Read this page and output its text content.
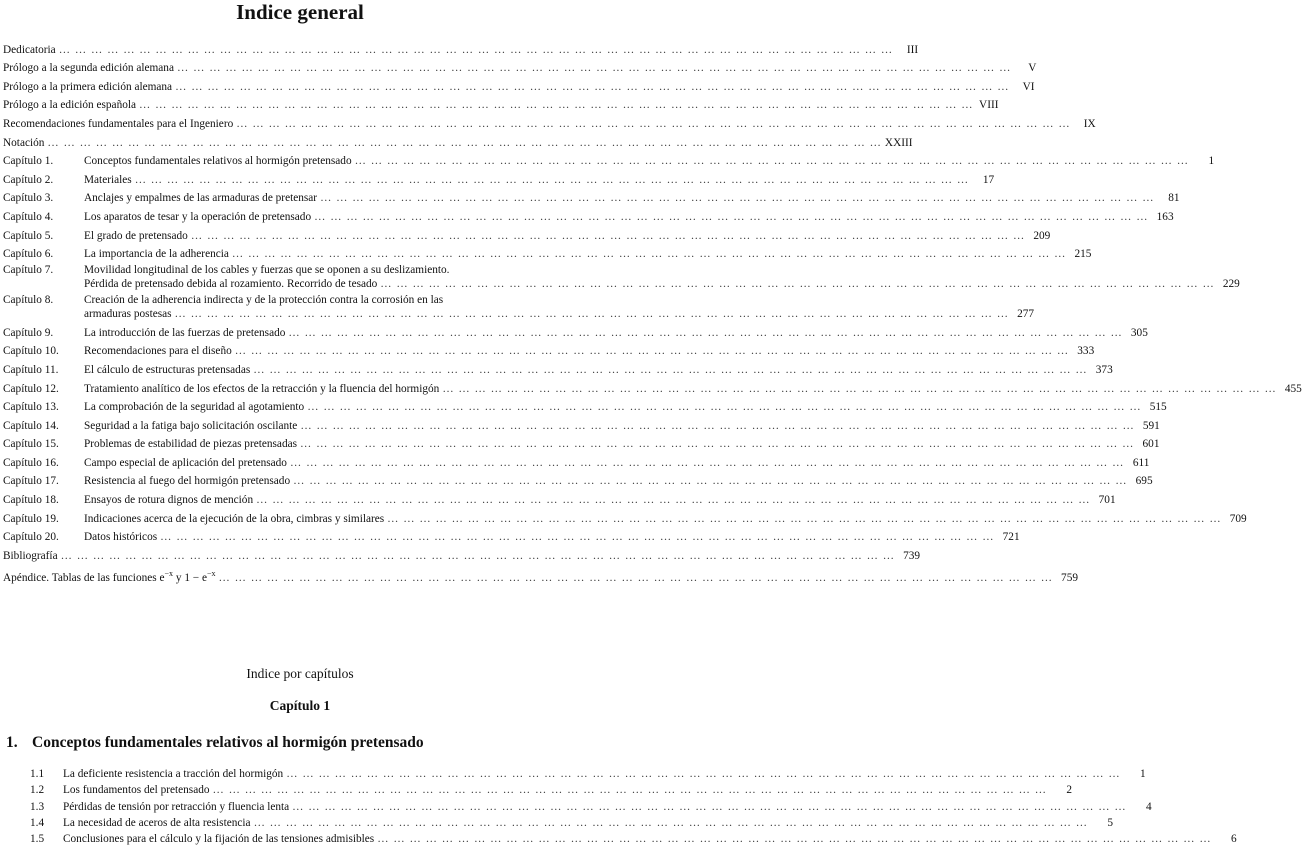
Indice general
Dedicatoria … … … … … … … … … … … … … … … … … … … … … … … … … … … … … … … … … … … … … … … … … … … … … … … … … … … …	III
Prólogo a la segunda edición alemana … … … … … … … … … … … … … … … … … … … … … … … … … … … … … … … … … … … … … … … … … … … … … … … … … … … …	V
Prólogo a la primera edición alemana … … … … … … … … … … … … … … … … … … … … … … … … … … … … … … … … … … … … … … … … … … … … … … … … … … … …	VI
Prólogo a la edición española … … … … … … … … … … … … … … … … … … … … … … … … … … … … … … … … … … … … … … … … … … … … … … … … … … … …	VIII
Recomendaciones fundamentales para el Ingeniero … … … … … … … … … … … … … … … … … … … … … … … … … … … … … … … … … … … … … … … … … … … … … … … … … … … …	IX
Notación … … … … … … … … … … … … … … … … … … … … … … … … … … … … … … … … … … … … … … … … … … … … … … … … … … … …	XXIII
Capítulo 1.	Conceptos fundamentales relativos al hormigón pretensado … … … … … … … … … … … … … … … … … … … … … … … … … … … … … … … … … … … … … … … … … … … … … … … … … … … …	1
Capítulo 2.	Materiales … … … … … … … … … … … … … … … … … … … … … … … … … … … … … … … … … … … … … … … … … … … … … … … … … … … …	17
Capítulo 3.	Anclajes y empalmes de las armaduras de pretensar … … … … … … … … … … … … … … … … … … … … … … … … … … … … … … … … … … … … … … … … … … … … … … … … … … … …	81
Capítulo 4.	Los aparatos de tesar y la operación de pretensado … … … … … … … … … … … … … … … … … … … … … … … … … … … … … … … … … … … … … … … … … … … … … … … … … … … …	163
Capítulo 5.	El grado de pretensado … … … … … … … … … … … … … … … … … … … … … … … … … … … … … … … … … … … … … … … … … … … … … … … … … … … …	209
Capítulo 6.	La importancia de la adherencia … … … … … … … … … … … … … … … … … … … … … … … … … … … … … … … … … … … … … … … … … … … … … … … … … … … …	215
Capítulo 7.	Movilidad longitudinal de los cables y fuerzas que se oponen a su deslizamiento.
Pérdida de pretensado debida al rozamiento. Recorrido de tesado … … … … … … … … … … … … … … … … … … … … … … … … … … … … … … … … … … … … … … … … … … … … … … … … … … … …	229
Capítulo 8.	Creación de la adherencia indirecta y de la protección contra la corrosión en las
armaduras postesas … … … … … … … … … … … … … … … … … … … … … … … … … … … … … … … … … … … … … … … … … … … … … … … … … … … …	277
Capítulo 9.	La introducción de las fuerzas de pretensado … … … … … … … … … … … … … … … … … … … … … … … … … … … … … … … … … … … … … … … … … … … … … … … … … … … …	305
Capítulo 10.	Recomendaciones para el diseño … … … … … … … … … … … … … … … … … … … … … … … … … … … … … … … … … … … … … … … … … … … … … … … … … … … …	333
Capítulo 11.	El cálculo de estructuras pretensadas … … … … … … … … … … … … … … … … … … … … … … … … … … … … … … … … … … … … … … … … … … … … … … … … … … … …	373
Capítulo 12.	Tratamiento analítico de los efectos de la retracción y la fluencia del hormigón … … … … … … … … … … … … … … … … … … … … … … … … … … … … … … … … … … … … … … … … … … … … … … … … … … … …	455
Capítulo 13.	La comprobación de la seguridad al agotamiento … … … … … … … … … … … … … … … … … … … … … … … … … … … … … … … … … … … … … … … … … … … … … … … … … … … …	515
Capítulo 14.	Seguridad a la fatiga bajo solicitación oscilante … … … … … … … … … … … … … … … … … … … … … … … … … … … … … … … … … … … … … … … … … … … … … … … … … … … …	591
Capítulo 15.	Problemas de estabilidad de piezas pretensadas … … … … … … … … … … … … … … … … … … … … … … … … … … … … … … … … … … … … … … … … … … … … … … … … … … … …	601
Capítulo 16.	Campo especial de aplicación del pretensado … … … … … … … … … … … … … … … … … … … … … … … … … … … … … … … … … … … … … … … … … … … … … … … … … … … …	611
Capítulo 17.	Resistencia al fuego del hormigón pretensado … … … … … … … … … … … … … … … … … … … … … … … … … … … … … … … … … … … … … … … … … … … … … … … … … … … …	695
Capítulo 18.	Ensayos de rotura dignos de mención … … … … … … … … … … … … … … … … … … … … … … … … … … … … … … … … … … … … … … … … … … … … … … … … … … … …	701
Capítulo 19.	Indicaciones acerca de la ejecución de la obra, cimbras y similares … … … … … … … … … … … … … … … … … … … … … … … … … … … … … … … … … … … … … … … … … … … … … … … … … … … …	709
Capítulo 20.	Datos históricos … … … … … … … … … … … … … … … … … … … … … … … … … … … … … … … … … … … … … … … … … … … … … … … … … … … …	721
Bibliografía … … … … … … … … … … … … … … … … … … … … … … … … … … … … … … … … … … … … … … … … … … … … … … … … … … … …	739
Apéndice. Tablas de las funciones $e^{-x}$ y $1 - e^{-x}$ … … … … … … … … … … … … … … … … … … … … … … … … … … … … … … … … … … … … … … … … … … … … … … … … … … … …	759
Indice por capítulos
Capítulo 1
1. Conceptos fundamentales relativos al hormigón pretensado
1.1	La deficiente resistencia a tracción del hormigón … … … … … … … … … … … … … … … … … … … … … … … … … … … … … … … … … … … … … … … … … … … … … … … … … … … …	1
1.2	Los fundamentos del pretensado … … … … … … … … … … … … … … … … … … … … … … … … … … … … … … … … … … … … … … … … … … … … … … … … … … … …	2
1.3	Pérdidas de tensión por retracción y fluencia lenta … … … … … … … … … … … … … … … … … … … … … … … … … … … … … … … … … … … … … … … … … … … … … … … … … … … …	4
1.4	La necesidad de aceros de alta resistencia … … … … … … … … … … … … … … … … … … … … … … … … … … … … … … … … … … … … … … … … … … … … … … … … … … … …	5
1.5	Conclusiones para el cálculo y la fijación de las tensiones admisibles … … … … … … … … … … … … … … … … … … … … … … … … … … … … … … … … … … … … … … … … … … … … … … … … … … … …	6
